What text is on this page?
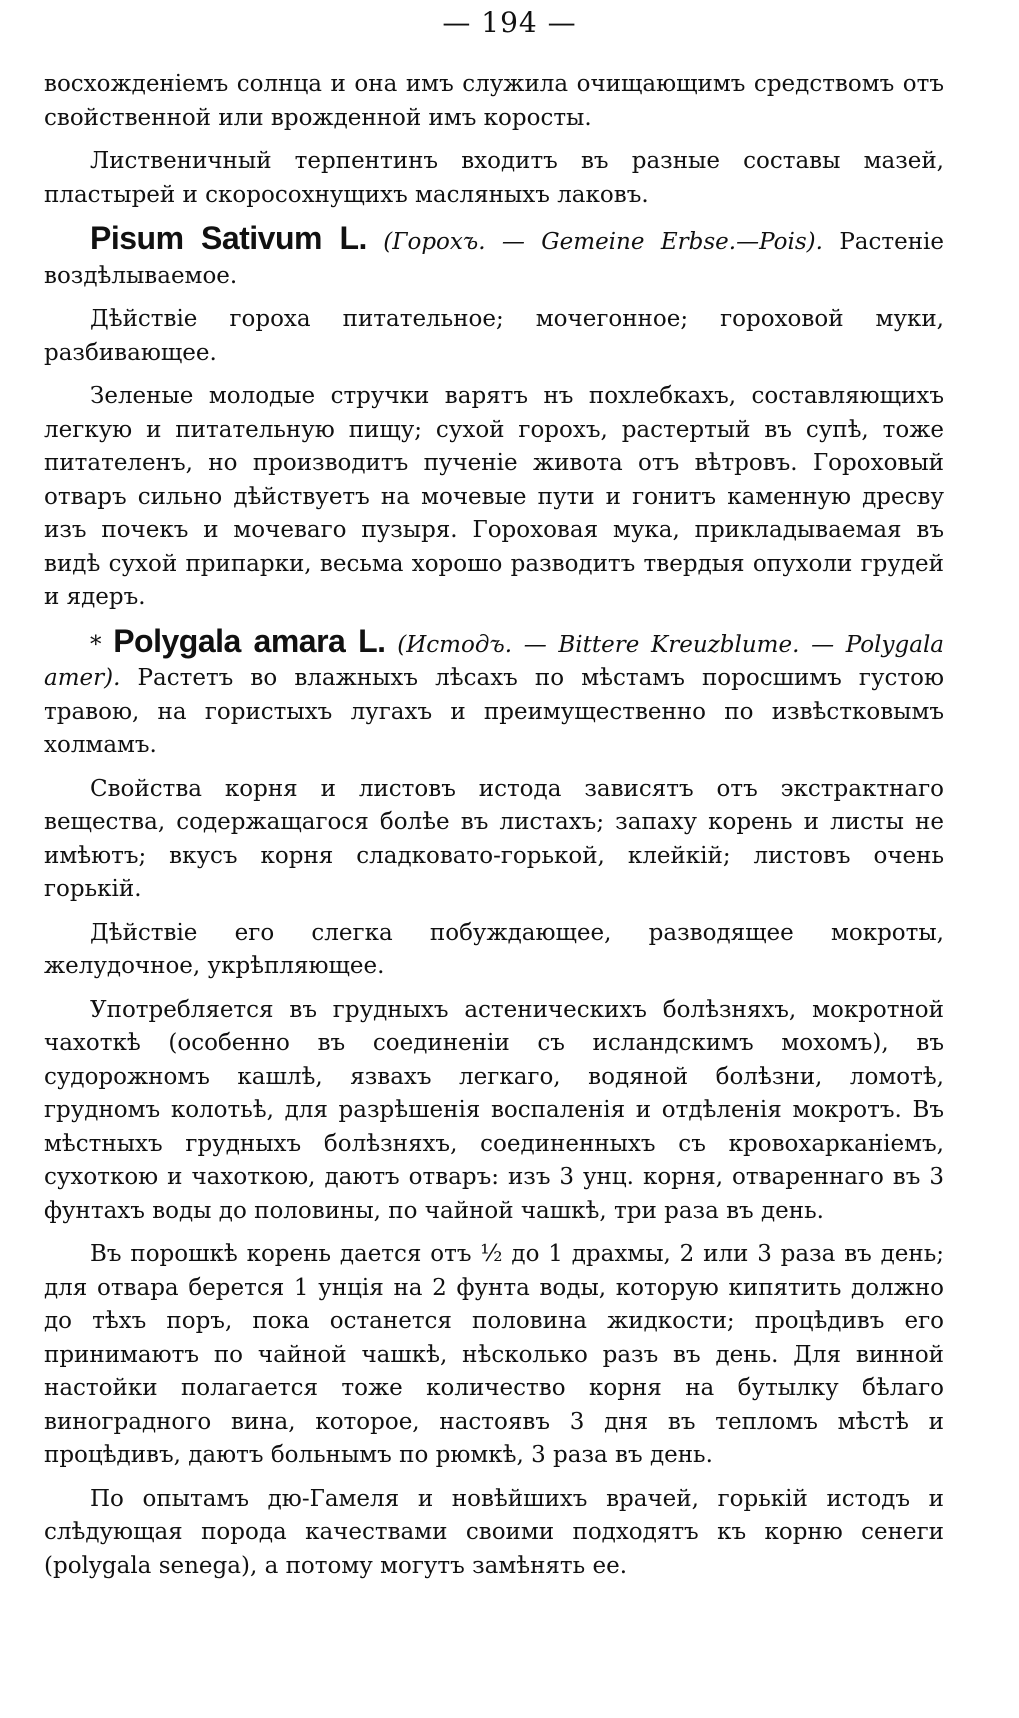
— 194 —

восхожденіемъ солнца и она имъ служила очищающимъ средствомъ отъ свойственной или врожденной имъ коросты.

Лиственичный терпентинъ входитъ въ разные составы мазей, пластырей и скоросохнущихъ масляныхъ лаковъ.

Pisum Sativum L. (Горохъ. — Gemeine Erbse.—Pois). Растеніе воздѣлываемое.

Дѣйствіе гороха питательное; мочегонное; гороховой муки, разбивающее.

Зеленые молодые стручки варятъ нъ похлебкахъ, составляющихъ легкую и питательную пищу; сухой горохъ, растертый въ супѣ, тоже питателенъ, но производитъ пученіе живота отъ вѣтровъ. Гороховый отваръ сильно дѣйствуетъ на мочевые пути и гонитъ каменную дресву изъ почекъ и мочеваго пузыря. Гороховая мука, прикладываемая въ видѣ сухой припарки, весьма хорошо разводитъ твердыя опухоли грудей и ядеръ.

* Polygala amara L. (Истодъ. — Bittere Kreuzblume. — Polygala amer). Растетъ во влажныхъ лѣсахъ по мѣстамъ поросшимъ густою травою, на гористыхъ лугахъ и преимущественно по извѣстковымъ холмамъ.

Свойства корня и листовъ истода зависятъ отъ экстрактнаго вещества, содержащагося болѣе въ листахъ; запаху корень и листы не имѣютъ; вкусъ корня сладковато-горькой, клейкій; листовъ очень горькій.

Дѣйствіе его слегка побуждающее, разводящее мокроты, желудочное, укрѣпляющее.

Употребляется въ грудныхъ астеническихъ болѣзняхъ, мокротной чахоткѣ (особенно въ соединеніи съ исландскимъ мохомъ), въ судорожномъ кашлѣ, язвахъ легкаго, водяной болѣзни, ломотѣ, грудномъ колотьѣ, для разрѣшенія воспаленія и отдѣленія мокротъ. Въ мѣстныхъ грудныхъ болѣзняхъ, соединенныхъ съ кровохарканіемъ, сухоткою и чахоткою, даютъ отваръ: изъ 3 унц. корня, отвареннаго въ 3 фунтахъ воды до половины, по чайной чашкѣ, три раза въ день.

Въ порошкѣ корень дается отъ ½ до 1 драхмы, 2 или 3 раза въ день; для отвара берется 1 унція на 2 фунта воды, которую кипятить должно до тѣхъ поръ, пока останется половина жидкости; процѣдивъ его принимаютъ по чайной чашкѣ, нѣсколько разъ въ день. Для винной настойки полагается тоже количество корня на бутылку бѣлаго виноградного вина, которое, настоявъ 3 дня въ тепломъ мѣстѣ и процѣдивъ, даютъ больнымъ по рюмкѣ, 3 раза въ день.

По опытамъ дю-Гамеля и новѣйшихъ врачей, горькій истодъ и слѣдующая порода качествами своими подходятъ къ корню сенеги (polygala senega), а потому могутъ замѣнять ее.
